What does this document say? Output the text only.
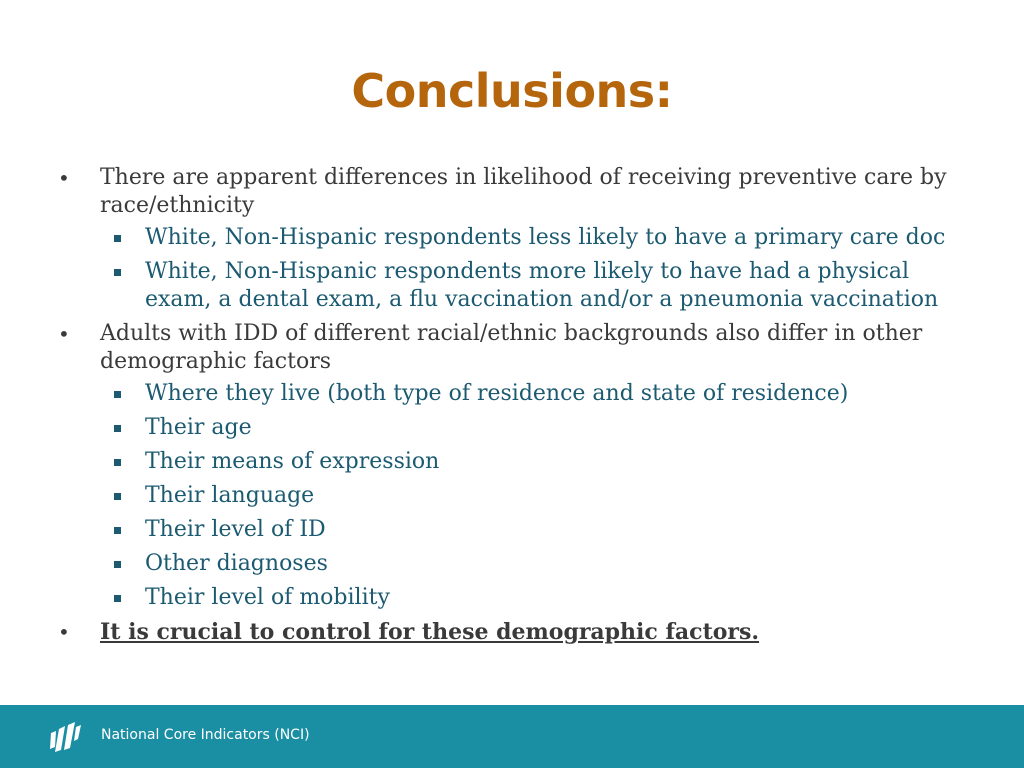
Conclusions:
• There are apparent differences in likelihood of receiving preventive care by race/ethnicity
White, Non-Hispanic respondents less likely to have a primary care doc
White, Non-Hispanic respondents more likely to have had a physical exam, a dental exam, a flu vaccination and/or a pneumonia vaccination
• Adults with IDD of different racial/ethnic backgrounds also differ in other demographic factors
Where they live (both type of residence and state of residence)
Their age
Their means of expression
Their language
Their level of ID
Other diagnoses
Their level of mobility
• It is crucial to control for these demographic factors.
National Core Indicators (NCI)
